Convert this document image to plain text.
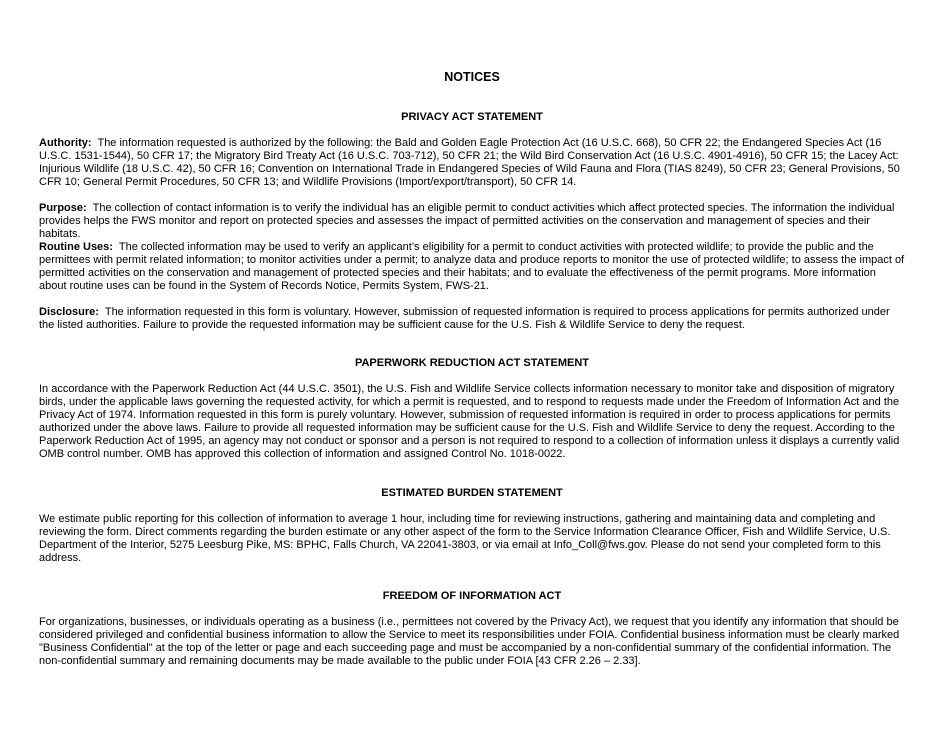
NOTICES
PRIVACY ACT STATEMENT

Authority: The information requested is authorized by the following: the Bald and Golden Eagle Protection Act (16 U.S.C. 668), 50 CFR 22; the Endangered Species Act (16 U.S.C. 1531-1544), 50 CFR 17; the Migratory Bird Treaty Act (16 U.S.C. 703-712), 50 CFR 21; the Wild Bird Conservation Act (16 U.S.C. 4901-4916), 50 CFR 15; the Lacey Act: Injurious Wildlife (18 U.S.C. 42), 50 CFR 16; Convention on International Trade in Endangered Species of Wild Fauna and Flora (TIAS 8249), 50 CFR 23; General Provisions, 50 CFR 10; General Permit Procedures, 50 CFR 13; and Wildlife Provisions (Import/export/transport), 50 CFR 14.

Purpose: The collection of contact information is to verify the individual has an eligible permit to conduct activities which affect protected species. The information the individual provides helps the FWS monitor and report on protected species and assesses the impact of permitted activities on the conservation and management of species and their habitats.

Routine Uses: The collected information may be used to verify an applicant’s eligibility for a permit to conduct activities with protected wildlife; to provide the public and the permittees with permit related information; to monitor activities under a permit; to analyze data and produce reports to monitor the use of protected wildlife; to assess the impact of permitted activities on the conservation and management of protected species and their habitats; and to evaluate the effectiveness of the permit programs. More information about routine uses can be found in the System of Records Notice, Permits System, FWS-21.

Disclosure: The information requested in this form is voluntary. However, submission of requested information is required to process applications for permits authorized under the listed authorities. Failure to provide the requested information may be sufficient cause for the U.S. Fish & Wildlife Service to deny the request.

PAPERWORK REDUCTION ACT STATEMENT

In accordance with the Paperwork Reduction Act (44 U.S.C. 3501), the U.S. Fish and Wildlife Service collects information necessary to monitor take and disposition of migratory birds, under the applicable laws governing the requested activity, for which a permit is requested, and to respond to requests made under the Freedom of Information Act and the Privacy Act of 1974. Information requested in this form is purely voluntary. However, submission of requested information is required in order to process applications for permits authorized under the above laws. Failure to provide all requested information may be sufficient cause for the U.S. Fish and Wildlife Service to deny the request. According to the Paperwork Reduction Act of 1995, an agency may not conduct or sponsor and a person is not required to respond to a collection of information unless it displays a currently valid OMB control number. OMB has approved this collection of information and assigned Control No. 1018-0022.

ESTIMATED BURDEN STATEMENT

We estimate public reporting for this collection of information to average 1 hour, including time for reviewing instructions, gathering and maintaining data and completing and reviewing the form. Direct comments regarding the burden estimate or any other aspect of the form to the Service Information Clearance Officer, Fish and Wildlife Service, U.S. Department of the Interior, 5275 Leesburg Pike, MS: BPHC, Falls Church, VA 22041-3803, or via email at Info_Coll@fws.gov. Please do not send your completed form to this address.

FREEDOM OF INFORMATION ACT

For organizations, businesses, or individuals operating as a business (i.e., permittees not covered by the Privacy Act), we request that you identify any information that should be considered privileged and confidential business information to allow the Service to meet its responsibilities under FOIA. Confidential business information must be clearly marked "Business Confidential" at the top of the letter or page and each succeeding page and must be accompanied by a non-confidential summary of the confidential information. The non-confidential summary and remaining documents may be made available to the public under FOIA [43 CFR 2.26 – 2.33].
